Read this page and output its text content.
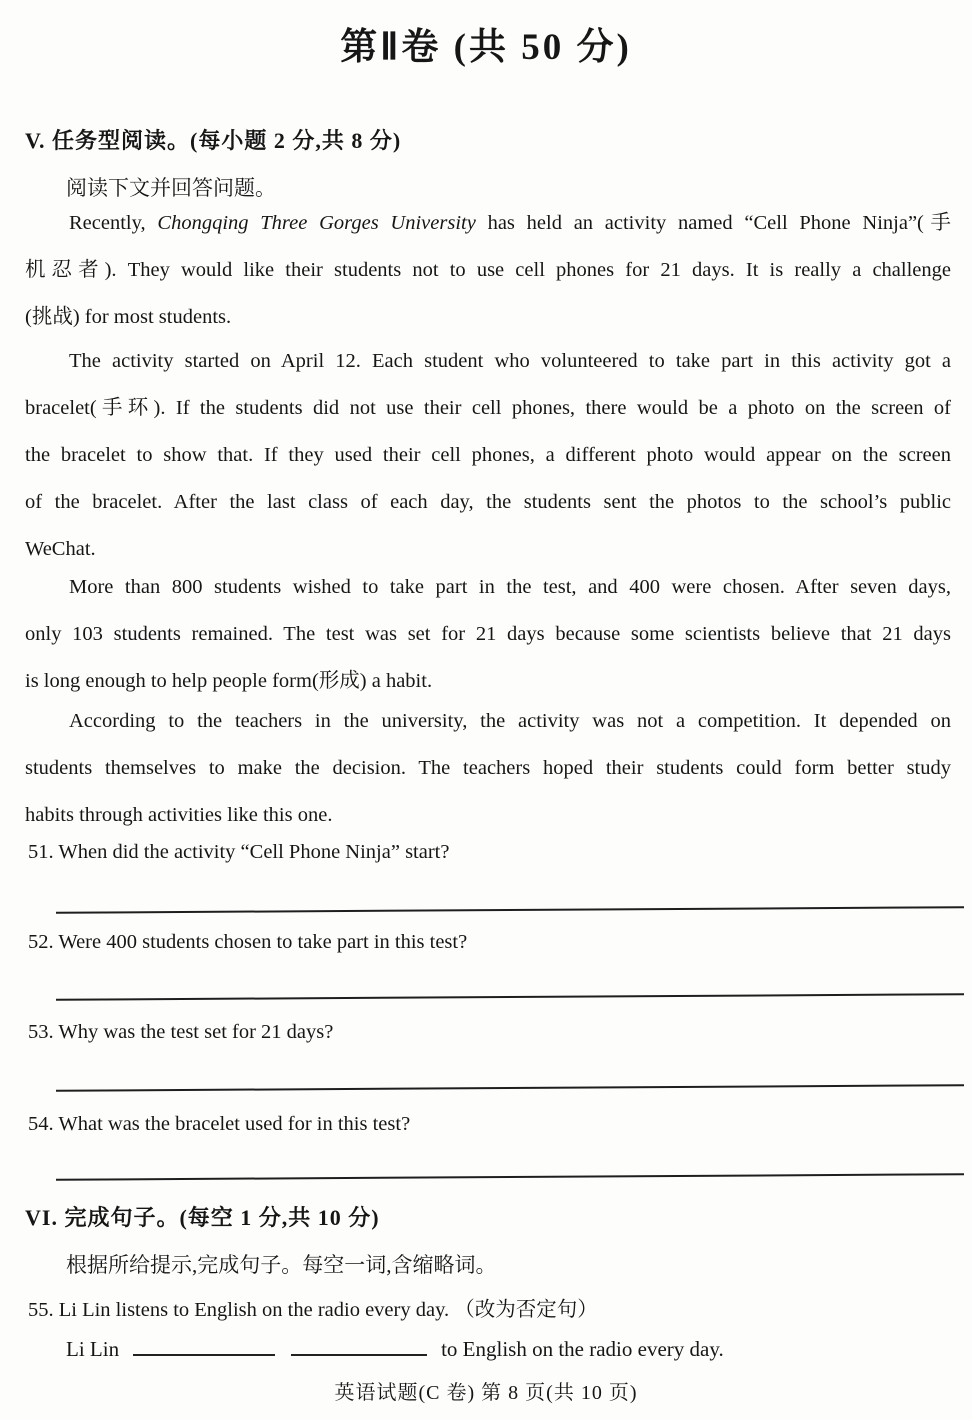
第Ⅱ卷 (共 50 分)
V. 任务型阅读。(每小题 2 分,共 8 分)
阅读下文并回答问题。
Recently, Chongqing Three Gorges University has held an activity named “Cell Phone Ninja”(手
机忍者). They would like their students not to use cell phones for 21 days. It is really a challenge
(挑战) for most students.
The activity started on April 12. Each student who volunteered to take part in this activity got a
bracelet(手环). If the students did not use their cell phones, there would be a photo on the screen of
the bracelet to show that. If they used their cell phones, a different photo would appear on the screen
of the bracelet. After the last class of each day, the students sent the photos to the school’s public
WeChat.
More than 800 students wished to take part in the test, and 400 were chosen. After seven days,
only 103 students remained. The test was set for 21 days because some scientists believe that 21 days
is long enough to help people form(形成) a habit.
According to the teachers in the university, the activity was not a competition. It depended on
students themselves to make the decision. The teachers hoped their students could form better study
habits through activities like this one.
51. When did the activity “Cell Phone Ninja” start?
52. Were 400 students chosen to take part in this test?
53. Why was the test set for 21 days?
54. What was the bracelet used for in this test?
VI. 完成句子。(每空 1 分,共 10 分)
根据所给提示,完成句子。每空一词,含缩略词。
55. Li Lin listens to English on the radio every day. （改为否定句）
Li Lin	to English on the radio every day.
英语试题(C 卷) 第 8 页(共 10 页)
